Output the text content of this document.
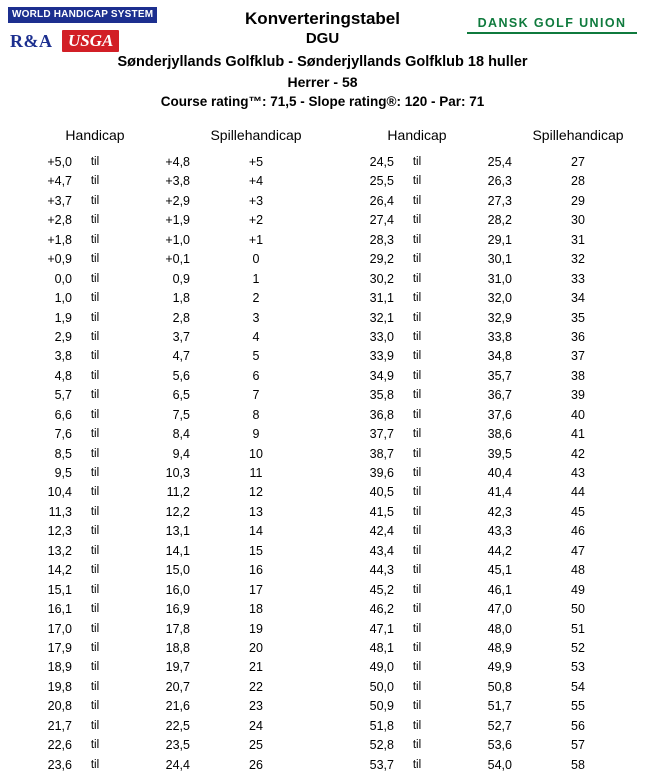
WORLD HANDICAP SYSTEM
R&A USGA
DANSK GOLF UNION
Konverteringstabel
DGU
Sønderjyllands Golfklub - Sønderjyllands Golfklub 18 huller
Herrer - 58
Course rating™: 71,5 - Slope rating®: 120 - Par: 71
Handicap	Spillehandicap
+5,0	til	+4,8	+5
+4,7	til	+3,8	+4
+3,7	til	+2,9	+3
+2,8	til	+1,9	+2
+1,8	til	+1,0	+1
+0,9	til	+0,1	0
0,0	til	0,9	1
1,0	til	1,8	2
1,9	til	2,8	3
2,9	til	3,7	4
3,8	til	4,7	5
4,8	til	5,6	6
5,7	til	6,5	7
6,6	til	7,5	8
7,6	til	8,4	9
8,5	til	9,4	10
9,5	til	10,3	11
10,4	til	11,2	12
11,3	til	12,2	13
12,3	til	13,1	14
13,2	til	14,1	15
14,2	til	15,0	16
15,1	til	16,0	17
16,1	til	16,9	18
17,0	til	17,8	19
17,9	til	18,8	20
18,9	til	19,7	21
19,8	til	20,7	22
20,8	til	21,6	23
21,7	til	22,5	24
22,6	til	23,5	25
23,6	til	24,4	26
Handicap	Spillehandicap
24,5	til	25,4	27
25,5	til	26,3	28
26,4	til	27,3	29
27,4	til	28,2	30
28,3	til	29,1	31
29,2	til	30,1	32
30,2	til	31,0	33
31,1	til	32,0	34
32,1	til	32,9	35
33,0	til	33,8	36
33,9	til	34,8	37
34,9	til	35,7	38
35,8	til	36,7	39
36,8	til	37,6	40
37,7	til	38,6	41
38,7	til	39,5	42
39,6	til	40,4	43
40,5	til	41,4	44
41,5	til	42,3	45
42,4	til	43,3	46
43,4	til	44,2	47
44,3	til	45,1	48
45,2	til	46,1	49
46,2	til	47,0	50
47,1	til	48,0	51
48,1	til	48,9	52
49,0	til	49,9	53
50,0	til	50,8	54
50,9	til	51,7	55
51,8	til	52,7	56
52,8	til	53,6	57
53,7	til	54,0	58
